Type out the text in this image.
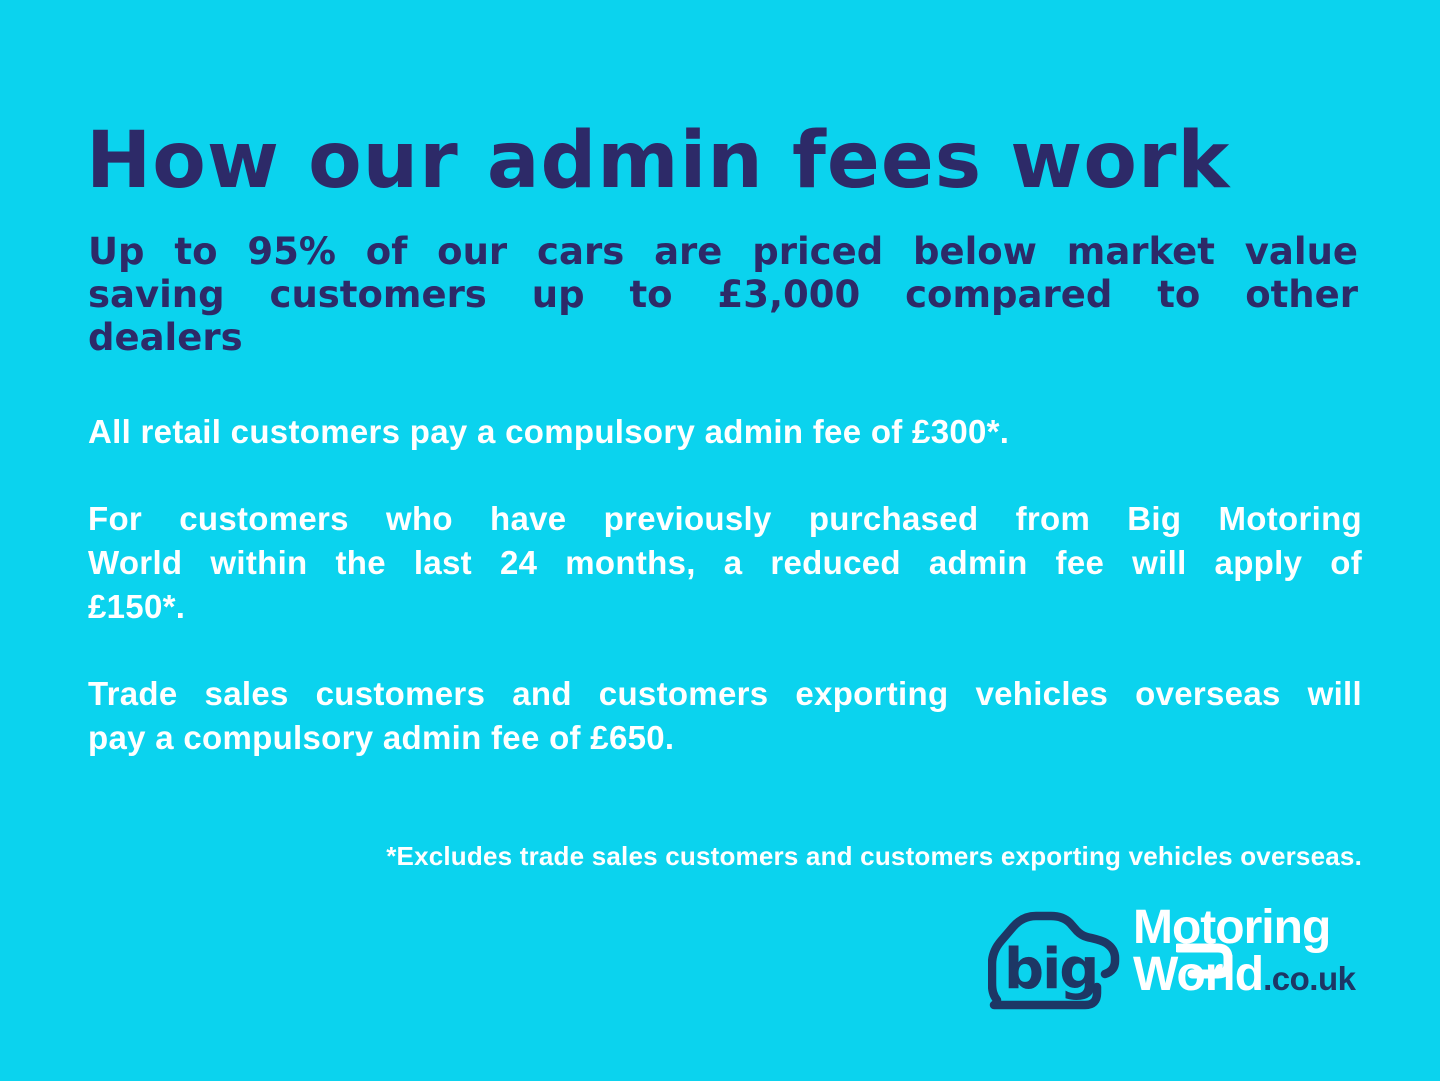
How our admin fees work
Up to 95% of our cars are priced below market value
saving customers up to £3,000 compared to other
dealers
All retail customers pay a compulsory admin fee of £300*.
For customers who have previously purchased from Big Motoring
World within the last 24 months, a reduced admin fee will apply of
£150*.
Trade sales customers and customers exporting vehicles overseas will
pay a compulsory admin fee of £650.
*Excludes trade sales customers and customers exporting vehicles overseas.
big
Motoring
World.co.uk
